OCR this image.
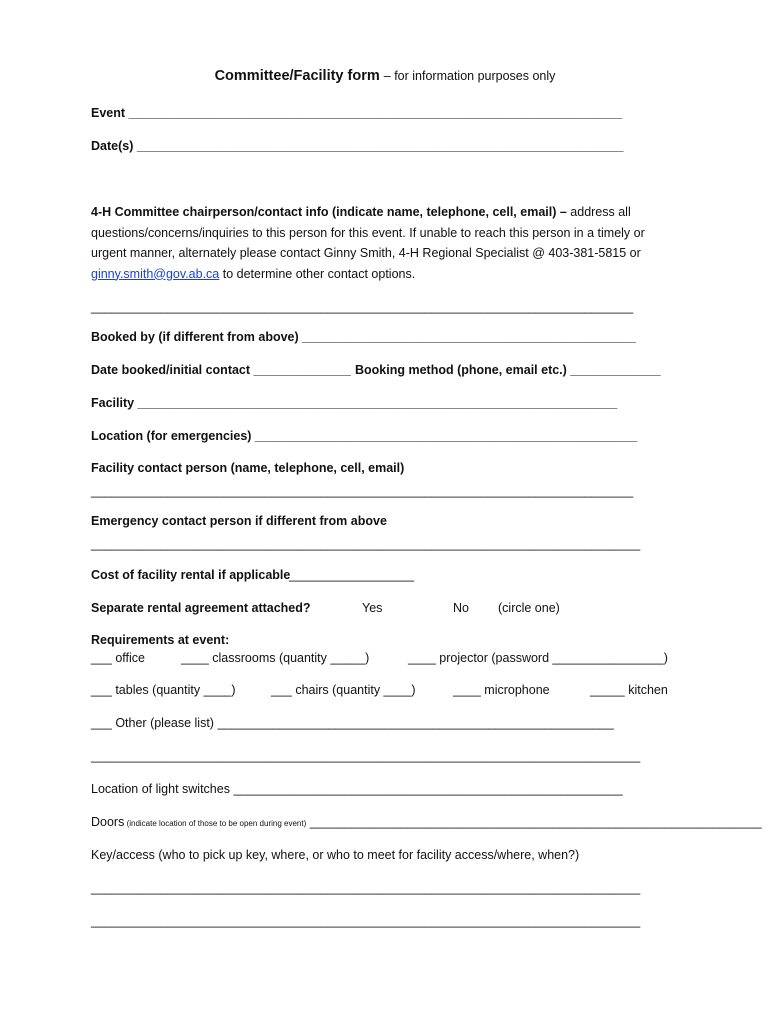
Committee/Facility form – for information purposes only
Event _______________________________________________________________________
Date(s) ______________________________________________________________________
4-H Committee chairperson/contact info (indicate name, telephone, cell, email) – address all questions/concerns/inquiries to this person for this event. If unable to reach this person in a timely or urgent manner, alternately please contact Ginny Smith, 4-H Regional Specialist @ 403-381-5815 or ginny.smith@gov.ab.ca to determine other contact options.
______________________________________________________________________________
Booked by (if different from above) ________________________________________________
Date booked/initial contact ______________ Booking method (phone, email etc.) _____________
Facility _____________________________________________________________________
Location (for emergencies) _______________________________________________________
Facility contact person (name, telephone, cell, email)
______________________________________________________________________________
Emergency contact person if different from above
_______________________________________________________________________________
Cost of facility rental if applicable
__________________
Separate rental agreement attached?	Yes	No (circle one)
Requirements at event:
___ office	____ classrooms (quantity _____)	____ projector (password ________________)
___ tables (quantity ____)	___ chairs (quantity ____)	____ microphone	_____ kitchen
___ Other (please list) _________________________________________________________
_______________________________________________________________________________
Location of light switches ________________________________________________________
Doors (indicate location of those to be open during event) _________________________________________________________________
Key/access (who to pick up key, where, or who to meet for facility access/where, when?)
_______________________________________________________________________________
_______________________________________________________________________________
